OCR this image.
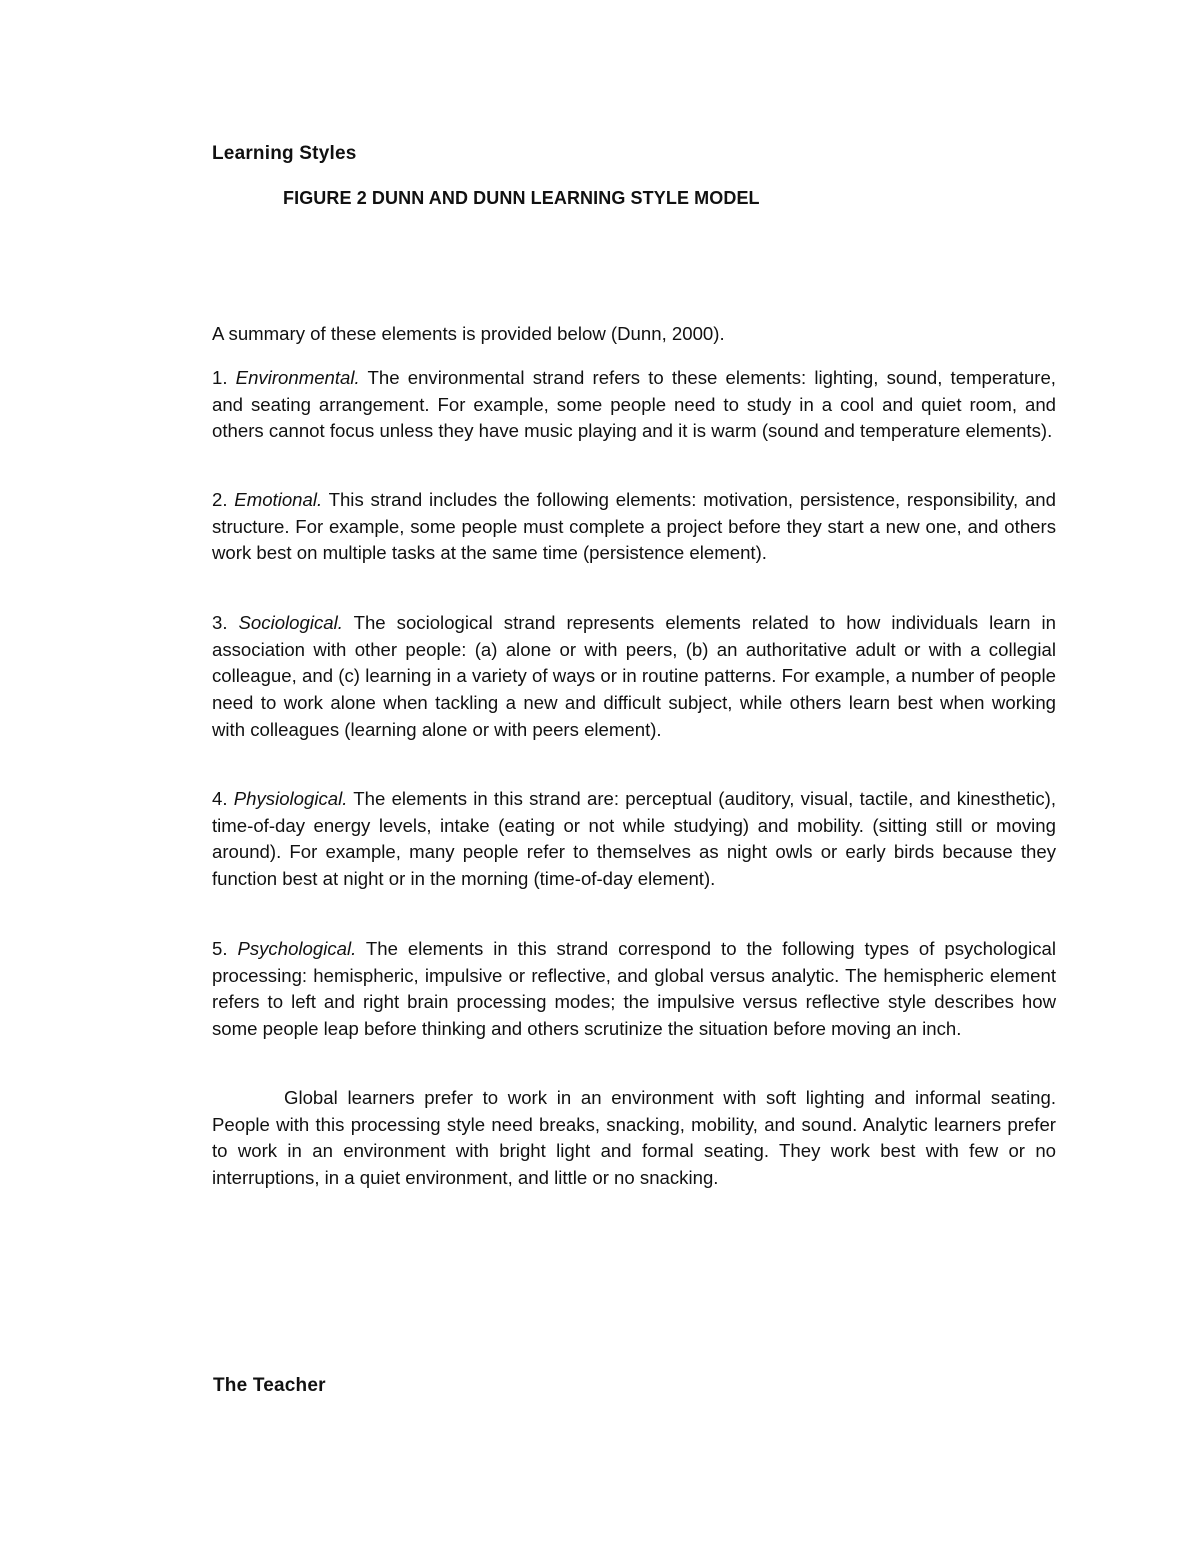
Learning Styles
FIGURE 2 DUNN AND DUNN LEARNING STYLE MODEL

A summary of these elements is provided below (Dunn, 2000).

1. Environmental. The environmental strand refers to these elements: lighting, sound, temperature, and seating arrangement. For example, some people need to study in a cool and quiet room, and others cannot focus unless they have music playing and it is warm (sound and temperature elements).

2. Emotional. This strand includes the following elements: motivation, persistence, responsibility, and structure. For example, some people must complete a project before they start a new one, and others work best on multiple tasks at the same time (persistence element).

3. Sociological. The sociological strand represents elements related to how individuals learn in association with other people: (a) alone or with peers, (b) an authoritative adult or with a collegial colleague, and (c) learning in a variety of ways or in routine patterns. For example, a number of people need to work alone when tackling a new and difficult subject, while others learn best when working with colleagues (learning alone or with peers element).

4. Physiological. The elements in this strand are: perceptual (auditory, visual, tactile, and kinesthetic), time-of-day energy levels, intake (eating or not while studying) and mobility. (sitting still or moving around). For example, many people refer to themselves as night owls or early birds because they function best at night or in the morning (time-of-day element).

5. Psychological. The elements in this strand correspond to the following types of psychological processing: hemispheric, impulsive or reflective, and global versus analytic. The hemispheric element refers to left and right brain processing modes; the impulsive versus reflective style describes how some people leap before thinking and others scrutinize the situation before moving an inch.

Global learners prefer to work in an environment with soft lighting and informal seating. People with this processing style need breaks, snacking, mobility, and sound. Analytic learners prefer to work in an environment with bright light and formal seating. They work best with few or no interruptions, in a quiet environment, and little or no snacking.

The Teacher
